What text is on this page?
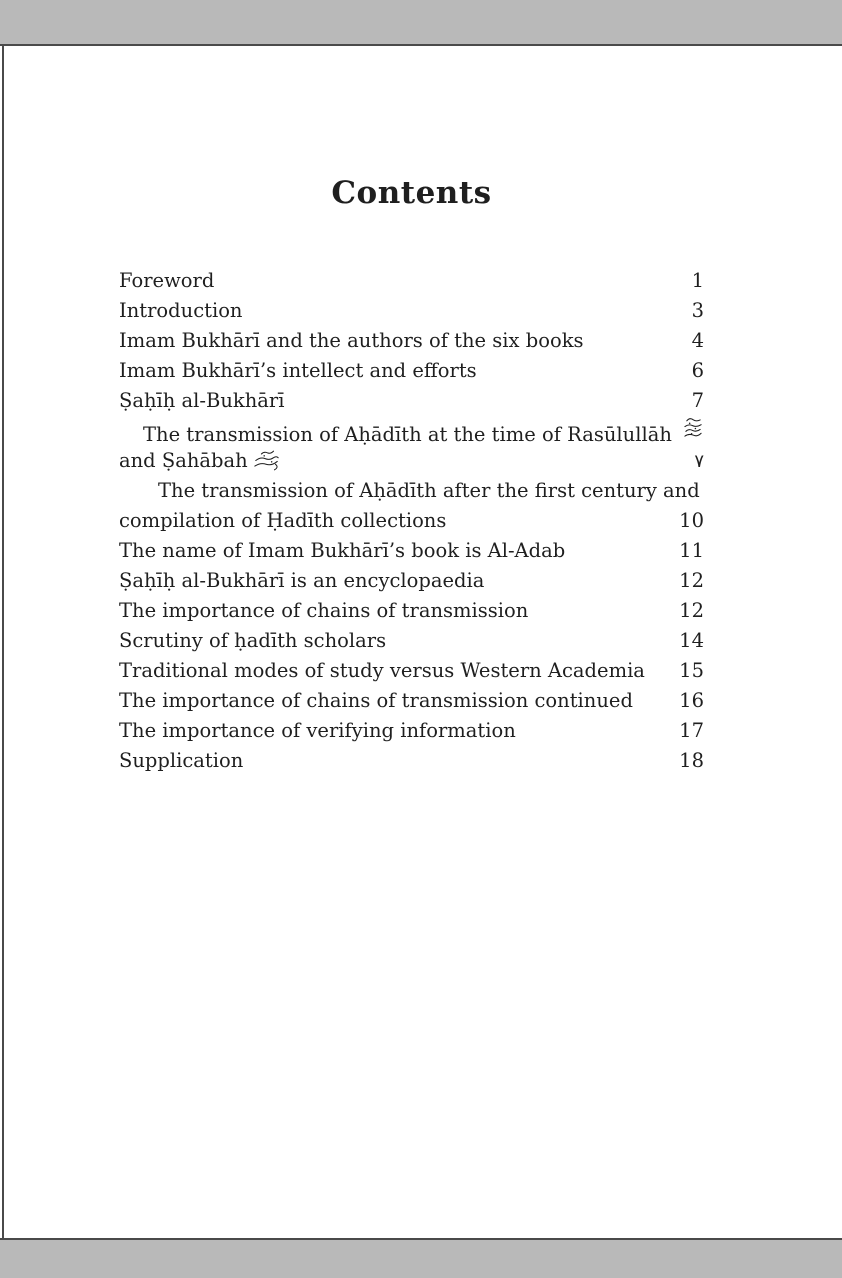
Contents
Foreword	1
Introduction	3
Imam Bukhārī and the authors of the six books	4
Imam Bukhārī’s intellect and efforts	6
Ṣaḥīḥ al-Bukhārī	7
The transmission of Aḥādīth at the time of Rasūlullāh
and Ṣahābah	٧
The transmission of Aḥādīth after the first century and
compilation of Ḥadīth collections	10
The name of Imam Bukhārī’s book is Al-Adab	11
Ṣaḥīḥ al-Bukhārī is an encyclopaedia	12
The importance of chains of transmission	12
Scrutiny of ḥadīth scholars	14
Traditional modes of study versus Western Academia	15
The importance of chains of transmission continued	16
The importance of verifying information	17
Supplication	18
